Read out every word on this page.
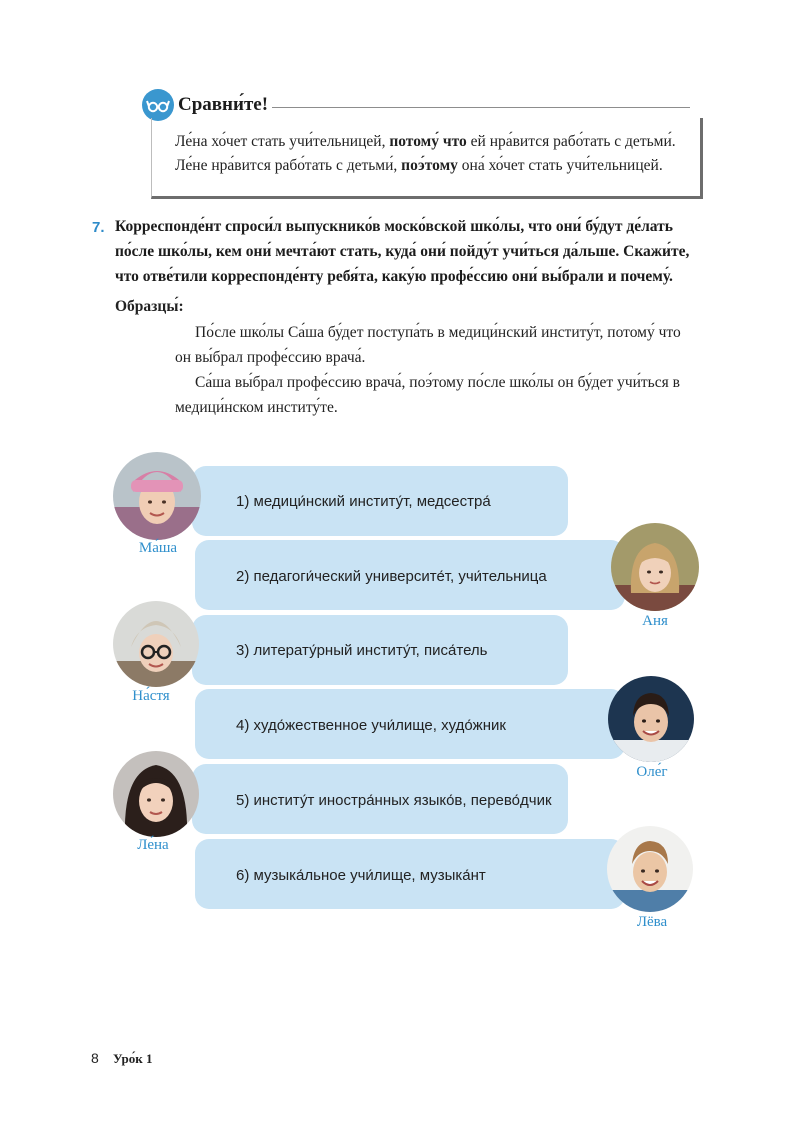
Сравни́те!
Ле́на хо́чет стать учи́тельницей, потому́ что ей нра́вится рабо́тать с детьми́.
Ле́не нра́вится рабо́тать с детьми́, поэ́тому она́ хо́чет стать учи́тельницей.
7. Корреспонде́нт спроси́л выпускнико́в моско́вской шко́лы, что они́ бу́дут де́лать
по́сле шко́лы, кем они́ мечта́ют стать, куда́ они́ пойду́т учи́ться да́льше. Скажи́те,
что отве́тили корреспонде́нту ребя́та, каку́ю профе́ссию они́ вы́брали и почему́.
Образцы́:
По́сле шко́лы Са́ша бу́дет поступа́ть в медици́нский институ́т, потому́ что
он вы́брал профе́ссию врача́.
Са́ша вы́брал профе́ссию врача́, поэ́тому по́сле шко́лы он бу́дет учи́ться в
медици́нском институ́те.
1) медици́нский институ́т, медсестра́
2) педагоги́ческий университе́т, учи́тельница
3) литерату́рный институ́т, писа́тель
4) худо́жественное учи́лище, худо́жник
5) институ́т иностра́нных языко́в, перево́дчик
6) музыка́льное учи́лище, музыка́нт
Ма́ша
На́стя
Ле́на
Аня
Оле́г
Лёва
8 Уро́к 1
